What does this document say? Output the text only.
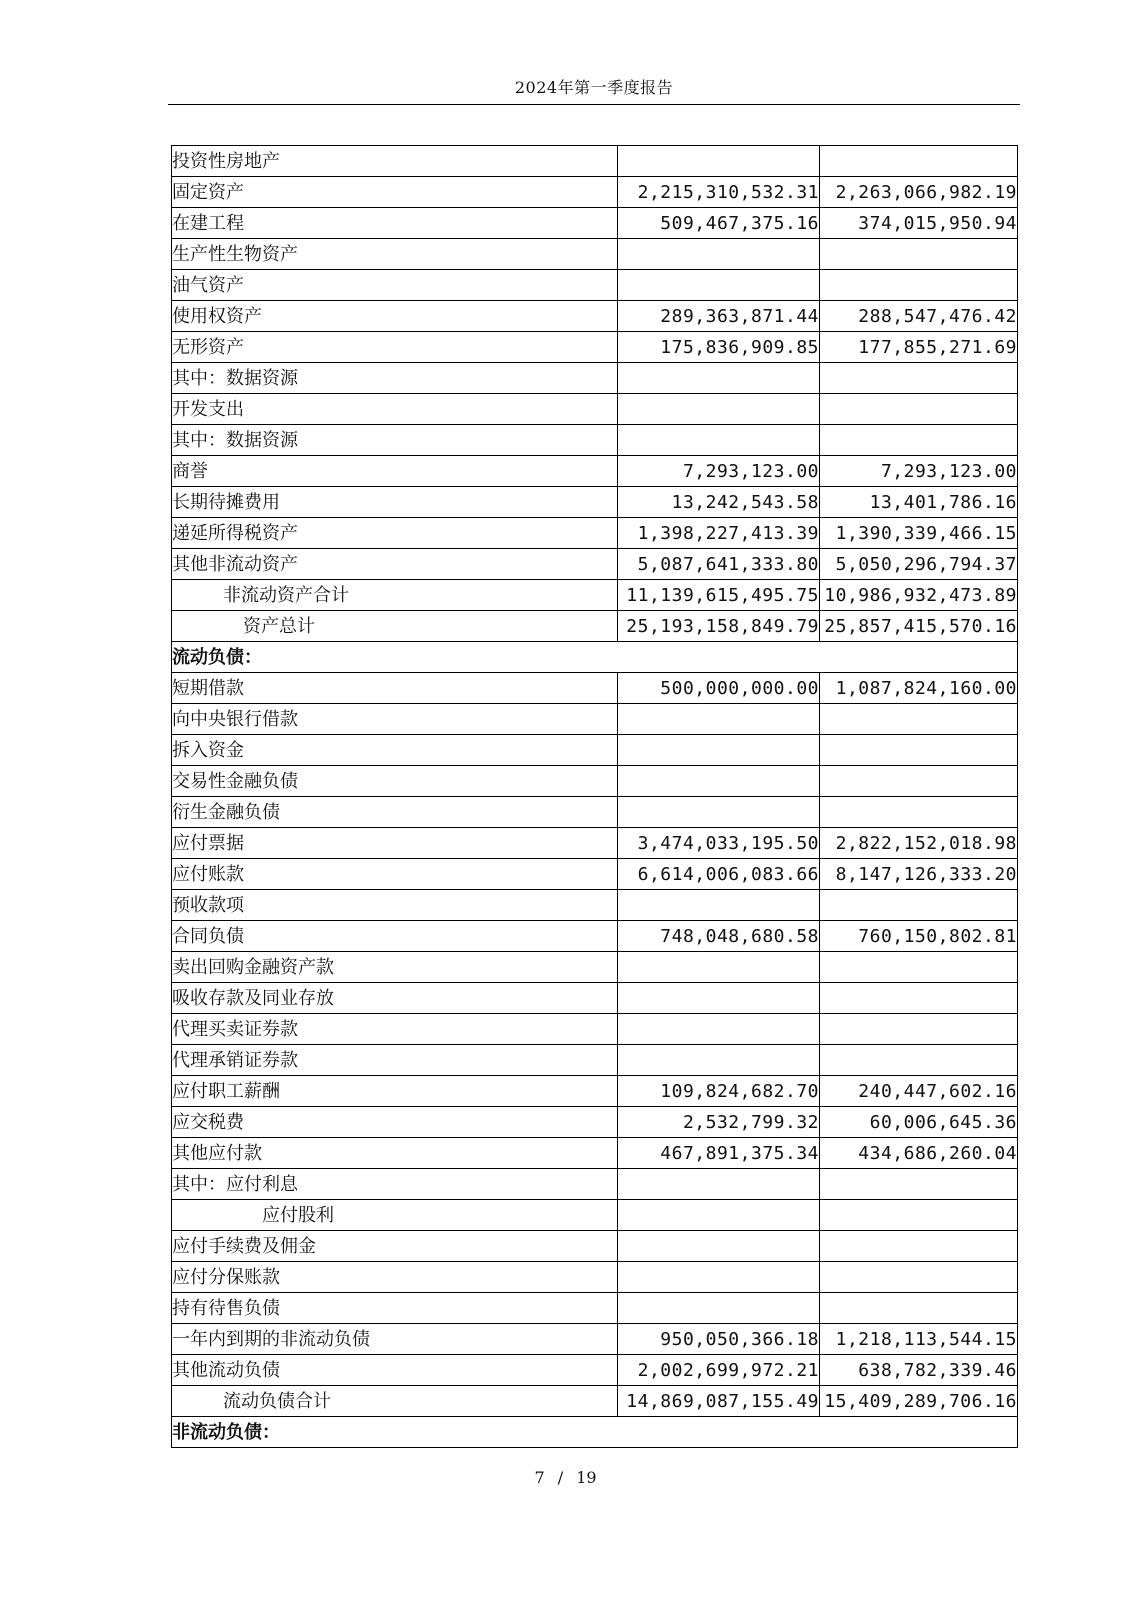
2024年第一季度报告
投资性房地产		
固定资产	2,215,310,532.31	2,263,066,982.19
在建工程	509,467,375.16	374,015,950.94
生产性生物资产		
油气资产		
使用权资产	289,363,871.44	288,547,476.42
无形资产	175,836,909.85	177,855,271.69
其中：数据资源		
开发支出		
其中：数据资源		
商誉	7,293,123.00	7,293,123.00
长期待摊费用	13,242,543.58	13,401,786.16
递延所得税资产	1,398,227,413.39	1,390,339,466.15
其他非流动资产	5,087,641,333.80	5,050,296,794.37
非流动资产合计	11,139,615,495.75	10,986,932,473.89
资产总计	25,193,158,849.79	25,857,415,570.16
流动负债：		
短期借款	500,000,000.00	1,087,824,160.00
向中央银行借款		
拆入资金		
交易性金融负债		
衍生金融负债		
应付票据	3,474,033,195.50	2,822,152,018.98
应付账款	6,614,006,083.66	8,147,126,333.20
预收款项		
合同负债	748,048,680.58	760,150,802.81
卖出回购金融资产款		
吸收存款及同业存放		
代理买卖证券款		
代理承销证券款		
应付职工薪酬	109,824,682.70	240,447,602.16
应交税费	2,532,799.32	60,006,645.36
其他应付款	467,891,375.34	434,686,260.04
其中：应付利息		
应付股利		
应付手续费及佣金		
应付分保账款		
持有待售负债		
一年内到期的非流动负债	950,050,366.18	1,218,113,544.15
其他流动负债	2,002,699,972.21	638,782,339.46
流动负债合计	14,869,087,155.49	15,409,289,706.16
非流动负债：		
7 / 19
